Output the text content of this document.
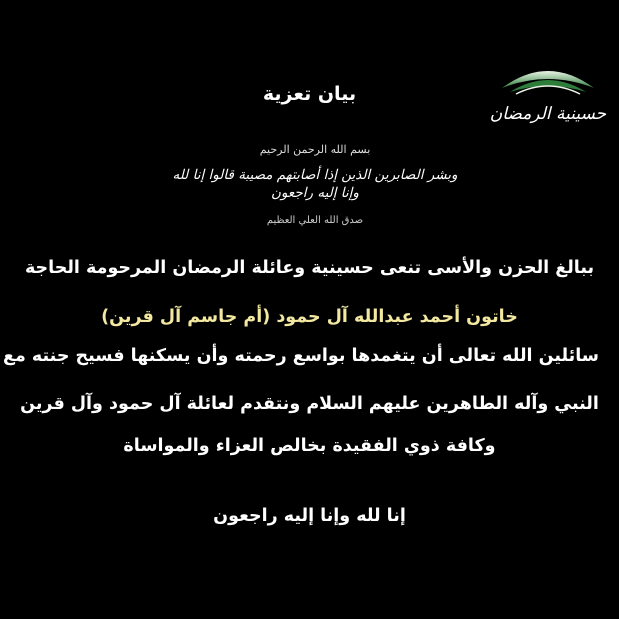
حسينية الرمضان
بيان تعزية
بسم الله الرحمن الرحيم
وبشر الصابرين الذين إذا أصابتهم مصيبة قالوا إنا لله وإنا إليه راجعون
صدق الله العلي العظيم
ببالغ الحزن والأسى تنعى حسينية وعائلة الرمضان المرحومة الحاجة
خاتون أحمد عبدالله آل حمود (أم جاسم آل قرين)
سائلين الله تعالى أن يتغمدها بواسع رحمته وأن يسكنها فسيح جنته مع
النبي وآله الطاهرين عليهم السلام ونتقدم لعائلة آل حمود وآل قرين
وكافة ذوي الفقيدة بخالص العزاء والمواساة
إنا لله وإنا إليه راجعون
